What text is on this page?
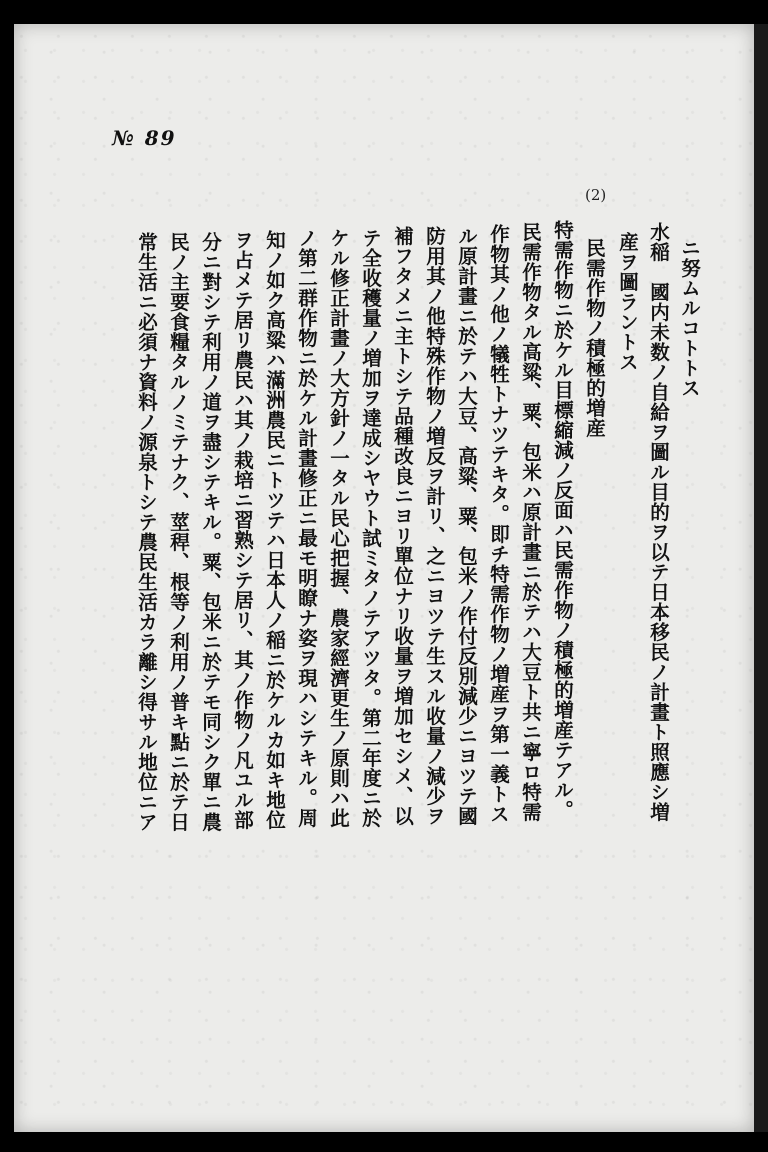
№ 89
(2)
ニ努ムルコトトス
水稲　國内未数ノ自給ヲ圖ル目的ヲ以テ日本移民ノ計畫ト照應シ増
産ヲ圖ラントス
民需作物ノ積極的増産
特需作物ニ於ケル目標縮減ノ反面ハ民需作物ノ積極的増産テアル。
民需作物タル高粱、粟、包米ハ原計畫ニ於テハ大豆ト共ニ寧ロ特需
作物其ノ他ノ犠牲トナツテキタ。即チ特需作物ノ増産ヲ第一義トス
ル原計畫ニ於テハ大豆、高粱、粟、包米ノ作付反別減少ニヨツテ國
防用其ノ他特殊作物ノ増反ヲ計リ、之ニヨツテ生スル收量ノ減少ヲ
補フタメニ主トシテ品種改良ニヨリ單位ナリ收量ヲ増加セシメ、以
テ全收穫量ノ増加ヲ達成シヤウト試ミタノテアツタ。第二年度ニ於
ケル修正計畫ノ大方針ノ一タル民心把握、農家經濟更生ノ原則ハ此
ノ第二群作物ニ於ケル計畫修正ニ最モ明瞭ナ姿ヲ現ハシテキル。周
知ノ如ク高粱ハ滿洲農民ニトツテハ日本人ノ稲ニ於ケルカ如キ地位
ヲ占メテ居リ農民ハ其ノ栽培ニ習熟シテ居リ、其ノ作物ノ凡ユル部
分ニ對シテ利用ノ道ヲ盡シテキル。粟、包米ニ於テモ同シク單ニ農
民ノ主要食糧タルノミテナク、莖稈、根等ノ利用ノ普キ點ニ於テ日
常生活ニ必須ナ資料ノ源泉トシテ農民生活カラ離シ得サル地位ニア
